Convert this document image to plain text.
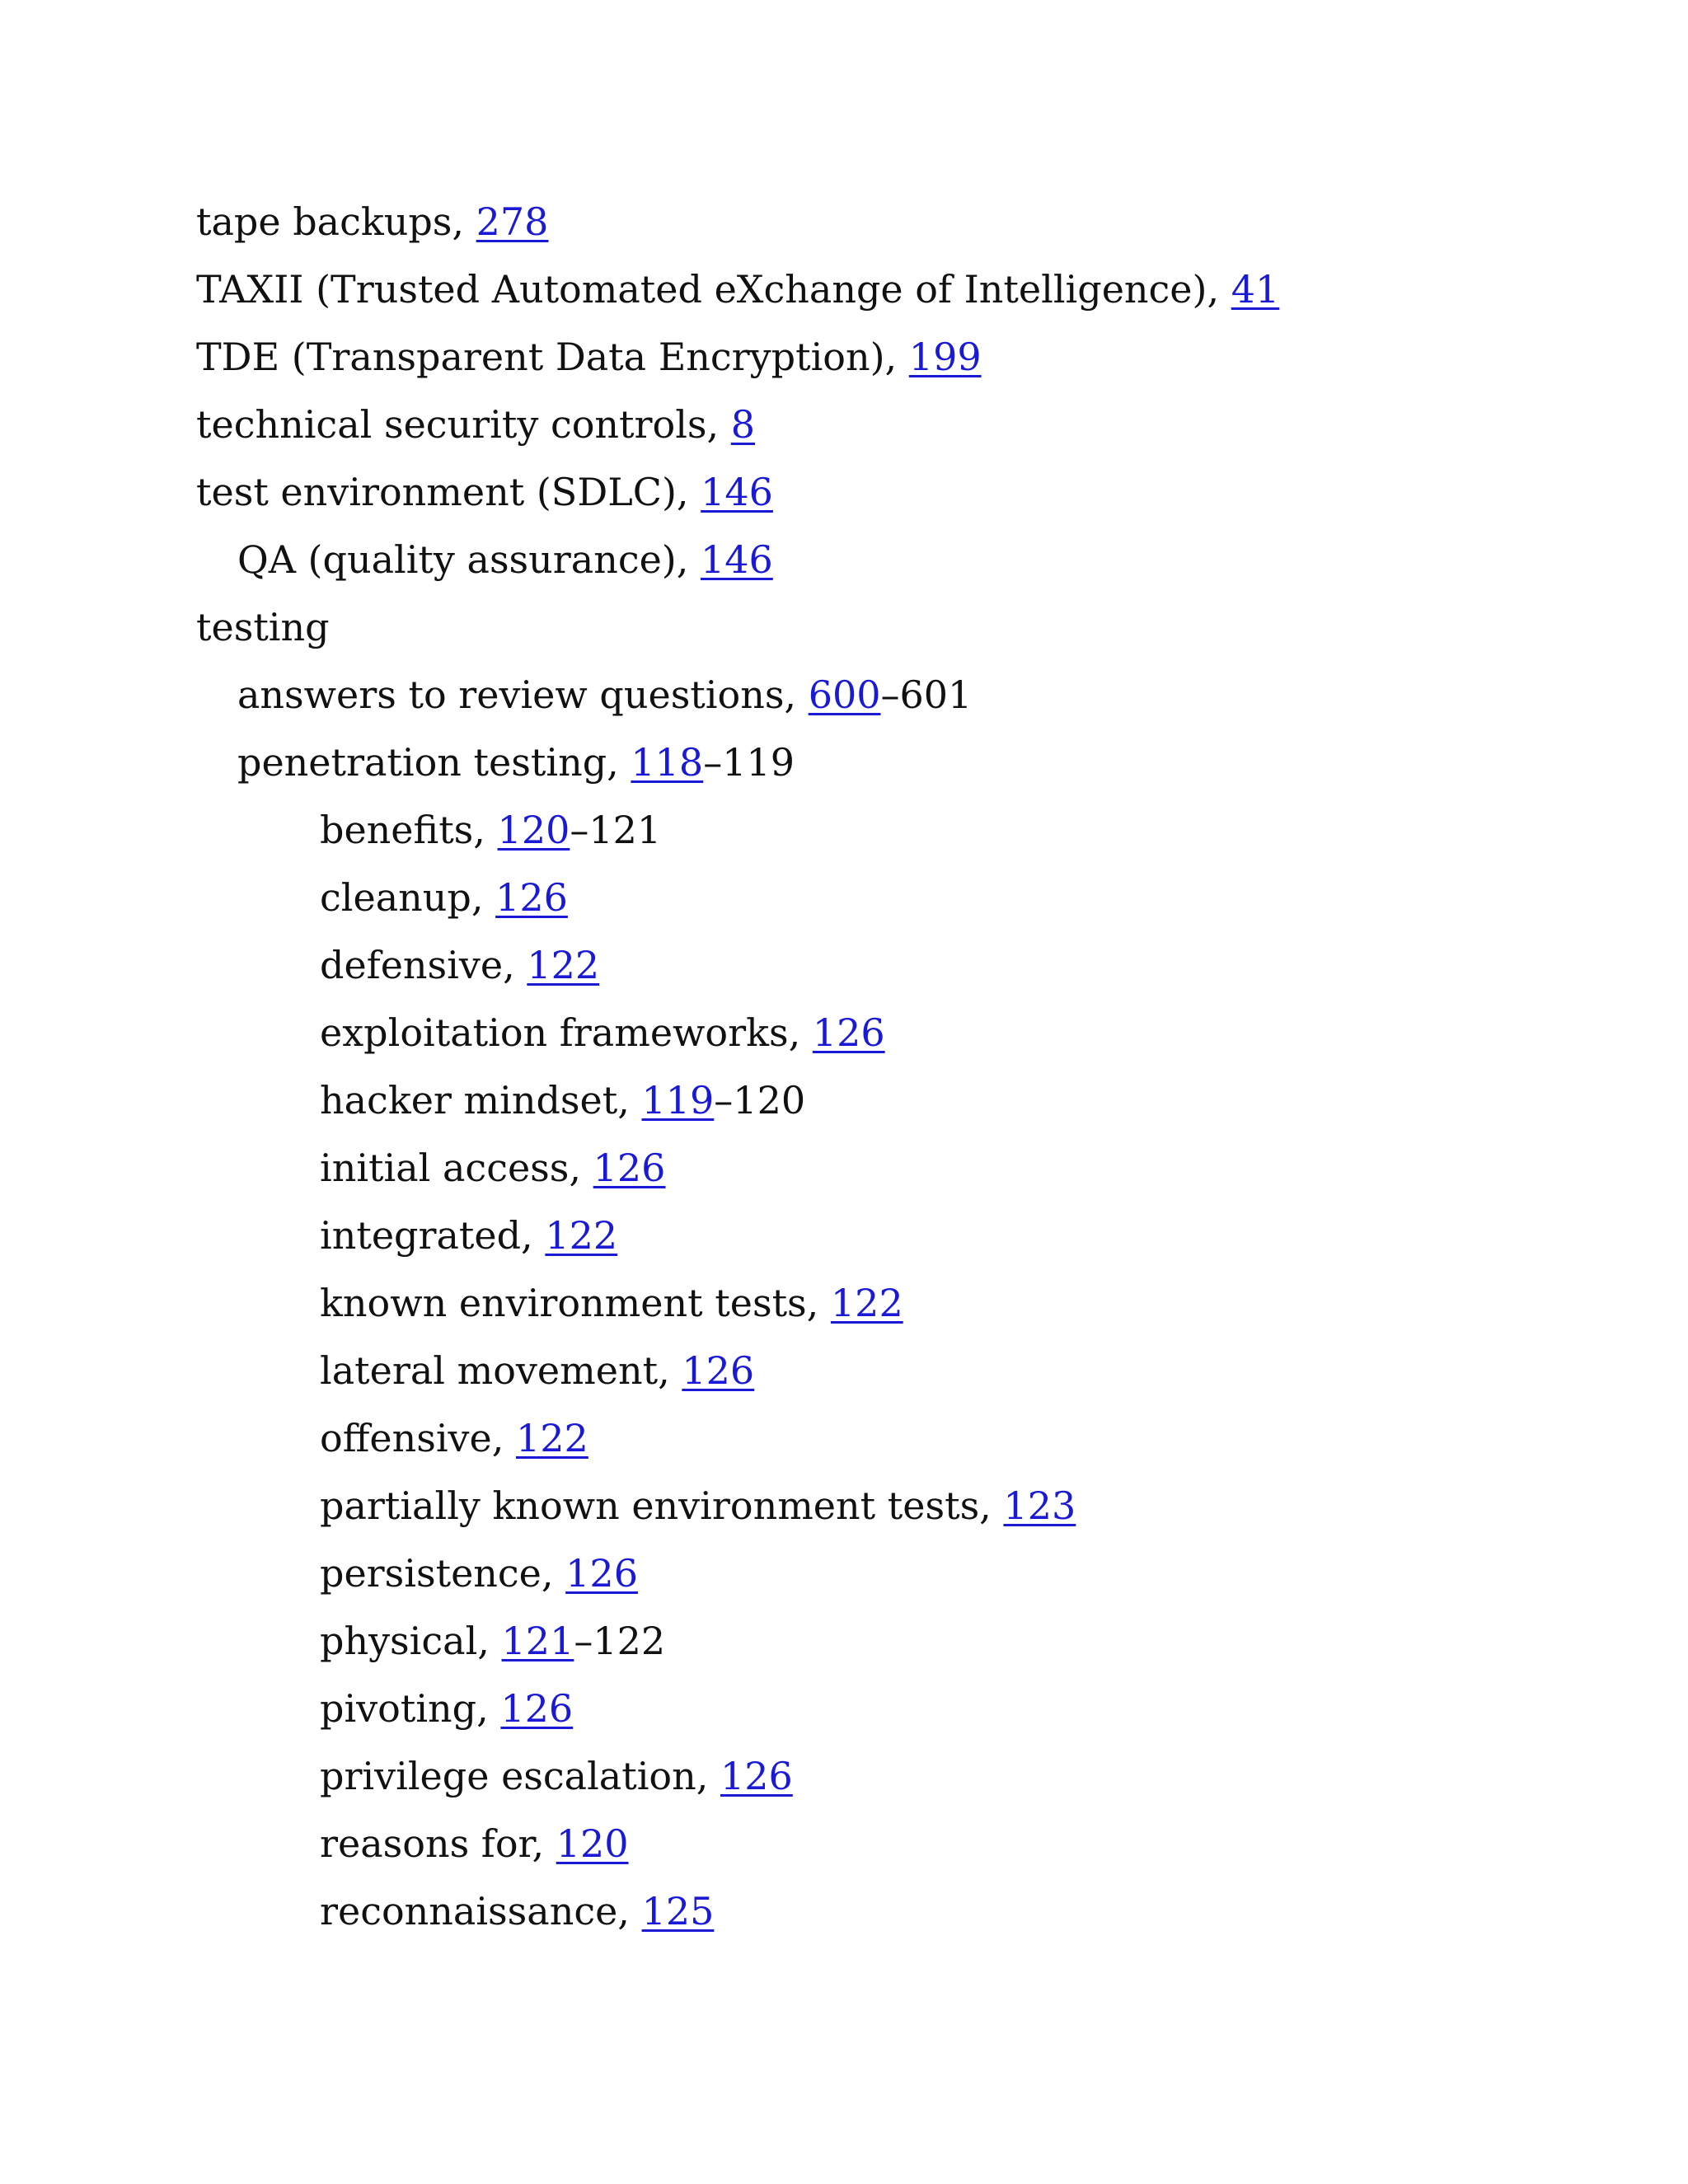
tape backups, 278
TAXII (Trusted Automated eXchange of Intelligence), 41
TDE (Transparent Data Encryption), 199
technical security controls, 8
test environment (SDLC), 146
QA (quality assurance), 146
testing
answers to review questions, 600–601
penetration testing, 118–119
benefits, 120–121
cleanup, 126
defensive, 122
exploitation frameworks, 126
hacker mindset, 119–120
initial access, 126
integrated, 122
known environment tests, 122
lateral movement, 126
offensive, 122
partially known environment tests, 123
persistence, 126
physical, 121–122
pivoting, 126
privilege escalation, 126
reasons for, 120
reconnaissance, 125
